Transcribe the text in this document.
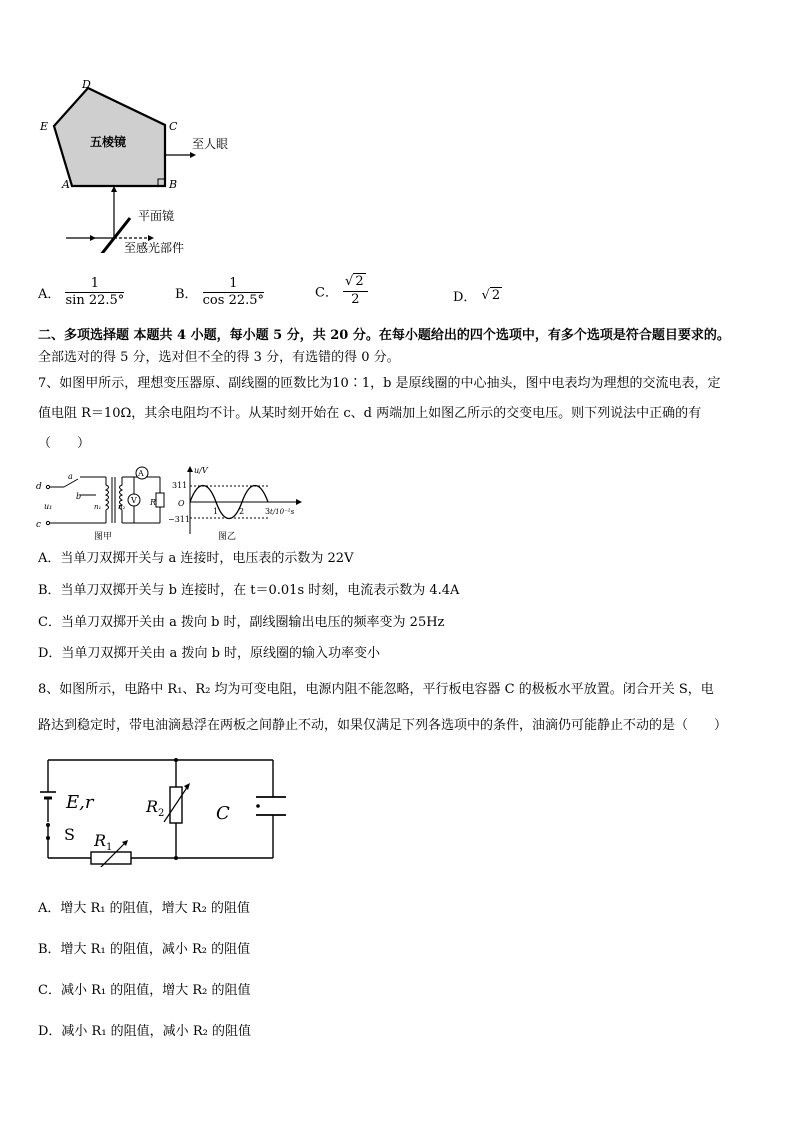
D
E	C
A	B
五棱镜	至人眼
平面镜
至感光部件
A． $\frac{1}{\sin 22.5^\circ}$	B． $\frac{1}{\cos 22.5^\circ}$	C． $\frac{√ 2}{2}$	D． √ 2
二、多项选择题 本题共 4 小题，每小题 5 分，共 20 分。在每小题给出的四个选项中，有多个选项是符合题目要求的。
全部选对的得 5 分，选对但不全的得 3 分，有选错的得 0 分。
7、如图甲所示，理想变压器原、副线圈的匝数比为10∶1，b 是原线圈的中心抽头，图中电表均为理想的交流电表，定
值电阻 R＝10Ω，其余电阻均不计。从某时刻开始在 c、d 两端加上如图乙所示的交变电压。则下列说法中正确的有
（　　）
d
c
u₁
a
b
n₁ n₂	R
A
V
图甲
u/V
311
O
−311
1	2	3 t/10⁻²s
图乙
A．当单刀双掷开关与 a 连接时，电压表的示数为 22V
B．当单刀双掷开关与 b 连接时，在 t＝0.01s 时刻，电流表示数为 4.4A
C．当单刀双掷开关由 a 拨向 b 时，副线圈输出电压的频率变为 25Hz
D．当单刀双掷开关由 a 拨向 b 时，原线圈的输入功率变小
8、如图所示，电路中 R₁、R₂ 均为可变电阻，电源内阻不能忽略，平行板电容器 C 的极板水平放置。闭合开关 S，电
路达到稳定时，带电油滴悬浮在两板之间静止不动，如果仅满足下列各选项中的条件，油滴仍可能静止不动的是（　　）
E,r
S R 1
R 2	C
A．增大 R₁ 的阻值，增大 R₂ 的阻值
B．增大 R₁ 的阻值，减小 R₂ 的阻值
C．减小 R₁ 的阻值，增大 R₂ 的阻值
D．减小 R₁ 的阻值，减小 R₂ 的阻值
